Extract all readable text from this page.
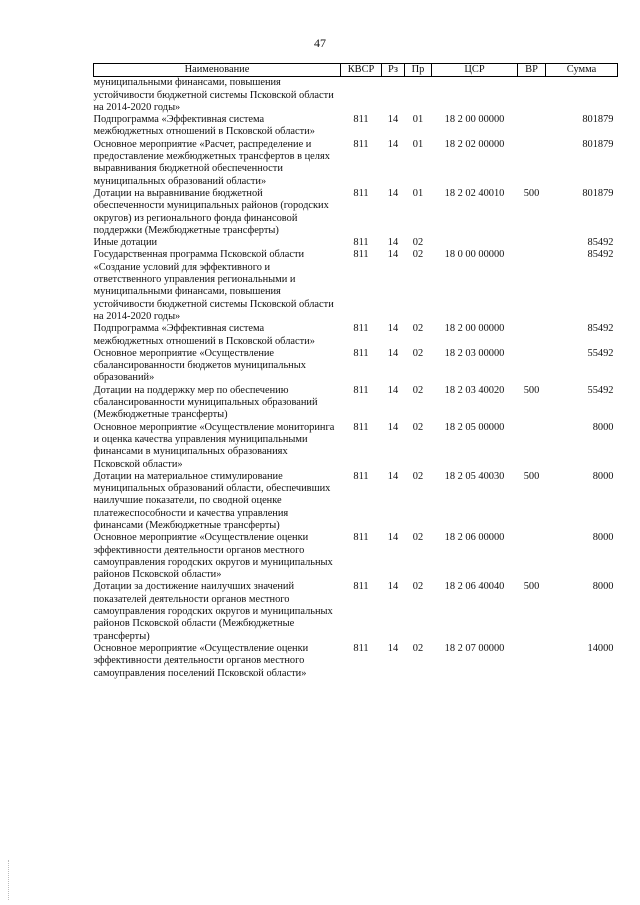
47
Наименование	КВСР	Рз	Пр	ЦСР	ВР	Сумма
муниципальными финансами, повышения устойчивости бюджетной системы Псковской области на 2014-2020 годы»						
Подпрограмма «Эффективная система межбюджетных отношений в Псковской области»	811	14	01	18 2 00 00000		801879
Основное мероприятие «Расчет, распределение и предоставление межбюджетных трансфертов в целях выравнивания бюджетной обеспеченности муниципальных образований области»	811	14	01	18 2 02 00000		801879
Дотации на выравнивание бюджетной обеспеченности муниципальных районов (городских округов) из регионального фонда финансовой поддержки (Межбюджетные трансферты)	811	14	01	18 2 02 40010	500	801879
Иные дотации	811	14	02			85492
Государственная программа Псковской области «Создание условий для эффективного и ответственного управления региональными и муниципальными финансами, повышения устойчивости бюджетной системы Псковской области на 2014-2020 годы»	811	14	02	18 0 00 00000		85492
Подпрограмма «Эффективная система межбюджетных отношений в Псковской области»	811	14	02	18 2 00 00000		85492
Основное мероприятие «Осуществление сбалансированности бюджетов муниципальных образований»	811	14	02	18 2 03 00000		55492
Дотации на поддержку мер по обеспечению сбалансированности муниципальных образований (Межбюджетные трансферты)	811	14	02	18 2 03 40020	500	55492
Основное мероприятие «Осуществление мониторинга и оценка качества управления муниципальными финансами в муниципальных образованиях Псковской области»	811	14	02	18 2 05 00000		8000
Дотации на материальное стимулирование муниципальных образований области, обеспечивших наилучшие показатели, по сводной оценке платежеспособности и качества управления финансами (Межбюджетные трансферты)	811	14	02	18 2 05 40030	500	8000
Основное мероприятие «Осуществление оценки эффективности деятельности органов местного самоуправления городских округов и муниципальных районов Псковской области»	811	14	02	18 2 06 00000		8000
Дотации за достижение наилучших значений показателей деятельности органов местного самоуправления городских округов и муниципальных районов Псковской области (Межбюджетные трансферты)	811	14	02	18 2 06 40040	500	8000
Основное мероприятие «Осуществление оценки эффективности деятельности органов местного самоуправления поселений Псковской области»	811	14	02	18 2 07 00000		14000
